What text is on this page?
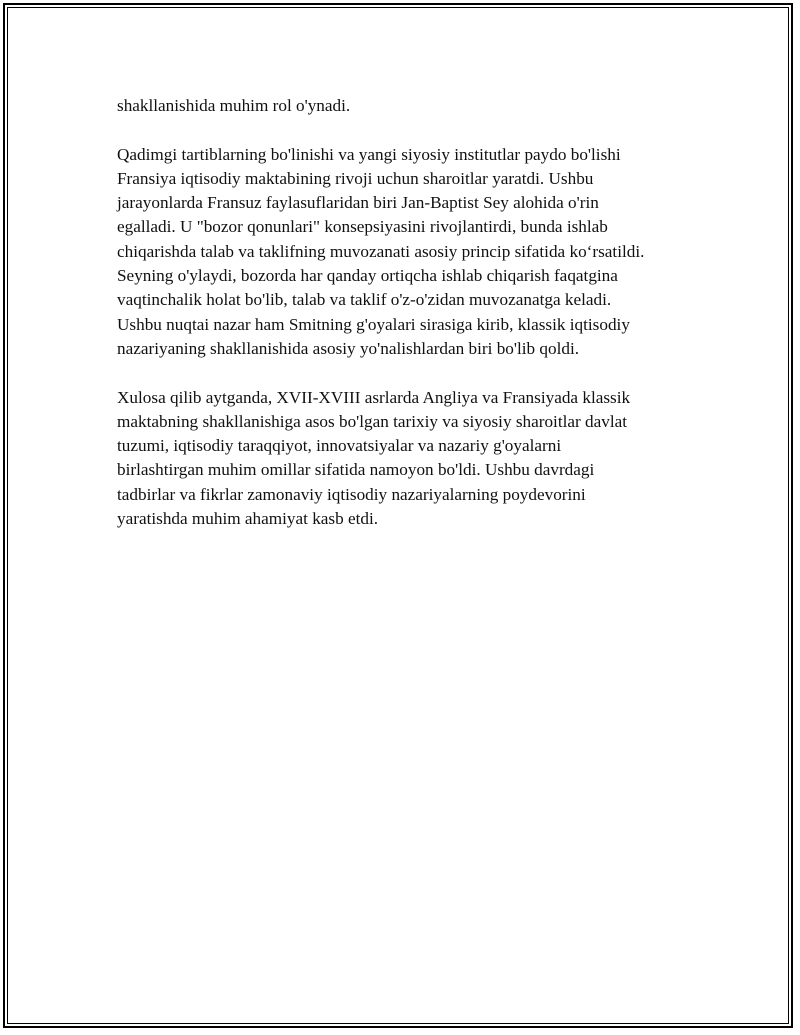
shakllanishida muhim rol o'ynadi.

Qadimgi tartiblarning bo'linishi va yangi siyosiy institutlar paydo bo'lishi
Fransiya iqtisodiy maktabining rivoji uchun sharoitlar yaratdi. Ushbu
jarayonlarda Fransuz faylasuflaridan biri Jan-Baptist Sey alohida o'rin
egalladi. U "bozor qonunlari" konsepsiyasini rivojlantirdi, bunda ishlab
chiqarishda talab va taklifning muvozanati asosiy princip sifatida ko‘rsatildi.
Seyning o'ylaydi, bozorda har qanday ortiqcha ishlab chiqarish faqatgina
vaqtinchalik holat bo'lib, talab va taklif o'z-o'zidan muvozanatga keladi.
Ushbu nuqtai nazar ham Smitning g'oyalari sirasiga kirib, klassik iqtisodiy
nazariyaning shakllanishida asosiy yo'nalishlardan biri bo'lib qoldi.

Xulosa qilib aytganda, XVII-XVIII asrlarda Angliya va Fransiyada klassik
maktabning shakllanishiga asos bo'lgan tarixiy va siyosiy sharoitlar davlat
tuzumi, iqtisodiy taraqqiyot, innovatsiyalar va nazariy g'oyalarni
birlashtirgan muhim omillar sifatida namoyon bo'ldi. Ushbu davrdagi
tadbirlar va fikrlar zamonaviy iqtisodiy nazariyalarning poydevorini
yaratishda muhim ahamiyat kasb etdi.
